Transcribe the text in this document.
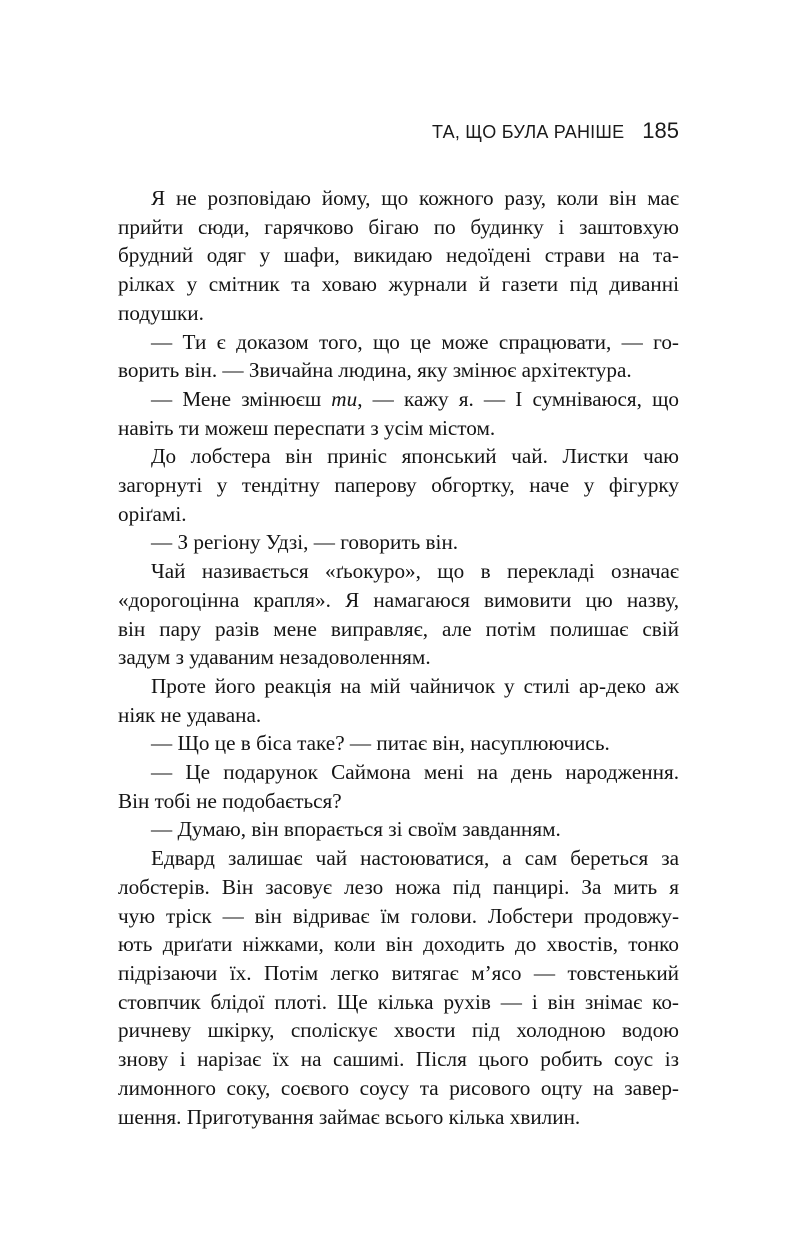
ТА, ЩО БУЛА РАНІШЕ 185
Я не розповідаю йому, що кожного разу, коли він має
прийти сюди, гарячково бігаю по будинку і заштовхую
брудний одяг у шафи, викидаю недоїдені страви на та-
рілках у смітник та ховаю журнали й газети під диванні
подушки.
— Ти є доказом того, що це може спрацювати, — го-
ворить він. — Звичайна людина, яку змінює архітектура.
— Мене змінюєш ти, — кажу я. — І сумніваюся, що
навіть ти можеш переспати з усім містом.
До лобстера він приніс японський чай. Листки чаю
загорнуті у тендітну паперову обгортку, наче у фігурку
оріґамі.
— З регіону Удзі, — говорить він.
Чай називається «ґьокуро», що в перекладі означає
«дорогоцінна крапля». Я намагаюся вимовити цю назву,
він пару разів мене виправляє, але потім полишає свій
задум з удаваним незадоволенням.
Проте його реакція на мій чайничок у стилі ар-деко аж
ніяк не удавана.
— Що це в біса таке? — питає він, насуплюючись.
— Це подарунок Саймона мені на день народження.
Він тобі не подобається?
— Думаю, він впорається зі своїм завданням.
Едвард залишає чай настоюватися, а сам береться за
лобстерів. Він засовує лезо ножа під панцирі. За мить я
чую тріск — він відриває їм голови. Лобстери продовжу-
ють дриґати ніжками, коли він доходить до хвостів, тонко
підрізаючи їх. Потім легко витягає м’ясо — товстенький
стовпчик блідої плоті. Ще кілька рухів — і він знімає ко-
ричневу шкірку, споліскує хвости під холодною водою
знову і нарізає їх на сашимі. Після цього робить соус із
лимонного соку, соєвого соусу та рисового оцту на завер-
шення. Приготування займає всього кілька хвилин.
